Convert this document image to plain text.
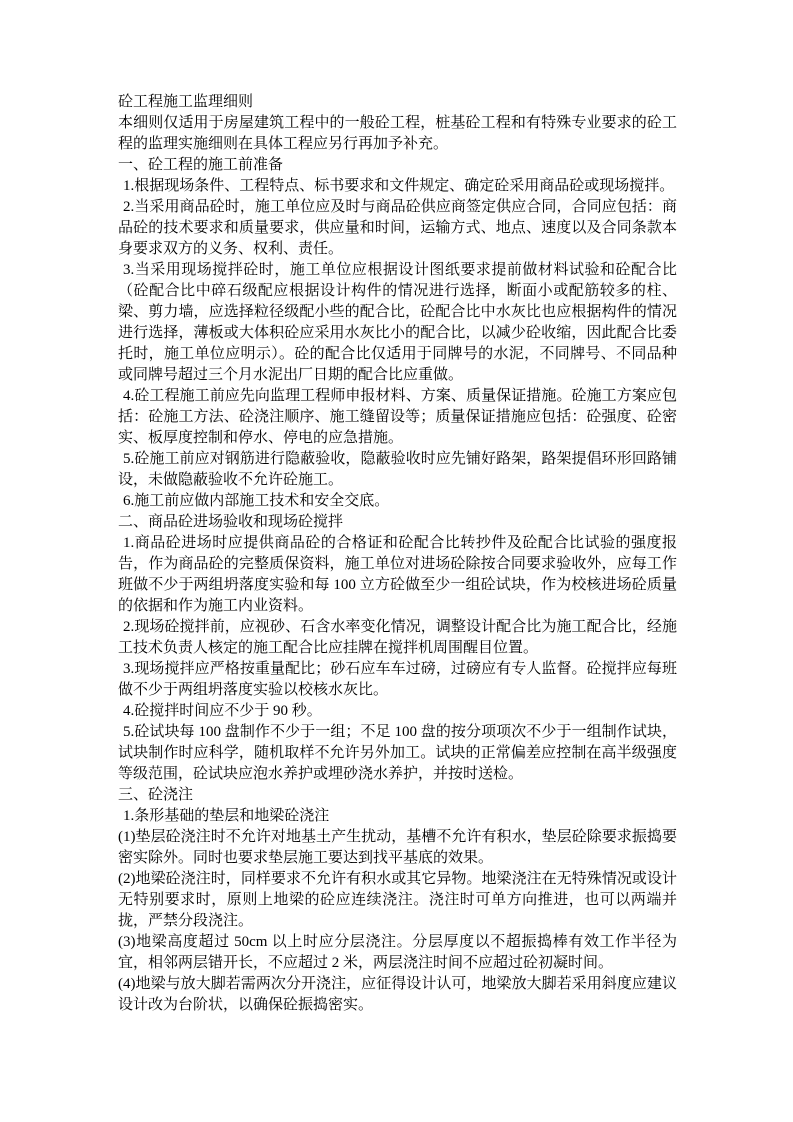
砼工程施工监理细则

本细则仅适用于房屋建筑工程中的一般砼工程，桩基砼工程和有特殊专业要求的砼工程的监理实施细则在具体工程应另行再加予补充。

一、砼工程的施工前准备

1.根据现场条件、工程特点、标书要求和文件规定、确定砼采用商品砼或现场搅拌。

2.当采用商品砼时，施工单位应及时与商品砼供应商签定供应合同，合同应包括：商品砼的技术要求和质量要求，供应量和时间，运输方式、地点、速度以及合同条款本身要求双方的义务、权利、责任。

3.当采用现场搅拌砼时，施工单位应根据设计图纸要求提前做材料试验和砼配合比（砼配合比中碎石级配应根据设计构件的情况进行选择，断面小或配筋较多的柱、梁、剪力墙，应选择粒径级配小些的配合比，砼配合比中水灰比也应根据构件的情况进行选择，薄板或大体积砼应采用水灰比小的配合比，以减少砼收缩，因此配合比委托时，施工单位应明示）。砼的配合比仅适用于同牌号的水泥，不同牌号、不同品种或同牌号超过三个月水泥出厂日期的配合比应重做。

4.砼工程施工前应先向监理工程师申报材料、方案、质量保证措施。砼施工方案应包括：砼施工方法、砼浇注顺序、施工缝留设等；质量保证措施应包括：砼强度、砼密实、板厚度控制和停水、停电的应急措施。

5.砼施工前应对钢筋进行隐蔽验收，隐蔽验收时应先铺好路架，路架提倡环形回路铺设，未做隐蔽验收不允许砼施工。

6.施工前应做内部施工技术和安全交底。

二、商品砼进场验收和现场砼搅拌

1.商品砼进场时应提供商品砼的合格证和砼配合比转抄件及砼配合比试验的强度报告，作为商品砼的完整质保资料，施工单位对进场砼除按合同要求验收外，应每工作班做不少于两组坍落度实验和每 100 立方砼做至少一组砼试块，作为校核进场砼质量的依据和作为施工内业资料。

2.现场砼搅拌前，应视砂、石含水率变化情况，调整设计配合比为施工配合比，经施工技术负责人核定的施工配合比应挂牌在搅拌机周围醒目位置。

3.现场搅拌应严格按重量配比；砂石应车车过磅，过磅应有专人监督。砼搅拌应每班做不少于两组坍落度实验以校核水灰比。

4.砼搅拌时间应不少于 90 秒。

5.砼试块每 100 盘制作不少于一组；不足 100 盘的按分项项次不少于一组制作试块，试块制作时应科学，随机取样不允许另外加工。试块的正常偏差应控制在高半级强度等级范围，砼试块应泡水养护或埋砂浇水养护，并按时送检。

三、砼浇注

1.条形基础的垫层和地梁砼浇注

(1)垫层砼浇注时不允许对地基土产生扰动，基槽不允许有积水，垫层砼除要求振捣要密实除外。同时也要求垫层施工要达到找平基底的效果。

(2)地梁砼浇注时，同样要求不允许有积水或其它异物。地梁浇注在无特殊情况或设计无特别要求时，原则上地梁的砼应连续浇注。浇注时可单方向推进，也可以两端并拢，严禁分段浇注。

(3)地梁高度超过 50cm 以上时应分层浇注。分层厚度以不超振捣棒有效工作半径为宜，相邻两层错开长，不应超过 2 米，两层浇注时间不应超过砼初凝时间。

(4)地梁与放大脚若需两次分开浇注，应征得设计认可，地梁放大脚若采用斜度应建议设计改为台阶状，以确保砼振捣密实。
